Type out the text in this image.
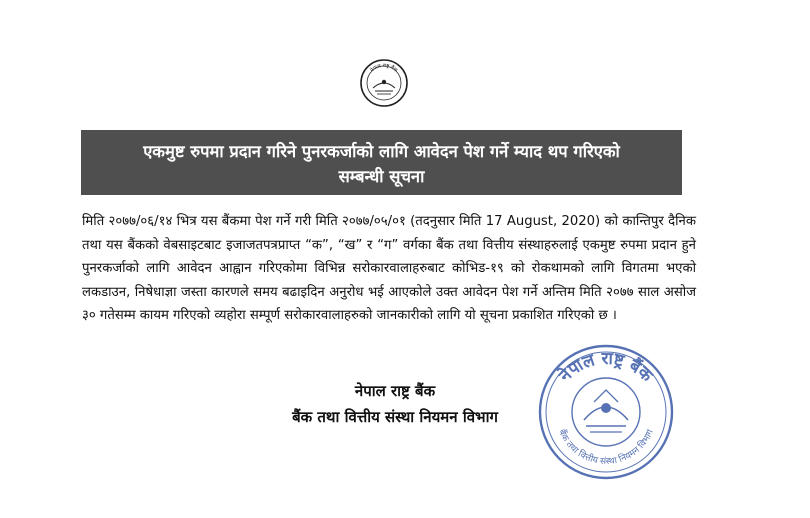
नेपाल राष्ट्र बैंक
एकमुष्ट रुपमा प्रदान गरिने पुनरकर्जाको लागि आवेदन पेश गर्ने म्याद थप गरिएको
सम्बन्धी सूचना

मिति २०७७/०६/१४ भित्र यस बैंकमा पेश गर्ने गरी मिति २०७७/०५/०१ (तदनुसार मिति 17 August, 2020) को कान्तिपुर दैनिक तथा यस बैंकको वेबसाइटबाट इजाजतपत्रप्राप्त “क”, “ख” र “ग” वर्गका बैंक तथा वित्तीय संस्थाहरुलाई एकमुष्ट रुपमा प्रदान हुने पुनरकर्जाको लागि आवेदन आह्वान गरिएकोमा विभिन्न सरोकारवालाहरुबाट कोभिड-१९ को रोकथामको लागि विगतमा भएको लकडाउन, निषेधाज्ञा जस्ता कारणले समय बढाइदिन अनुरोध भई आएकोले उक्त आवेदन पेश गर्ने अन्तिम मिति २०७७ साल असोज ३० गतेसम्म कायम गरिएको व्यहोरा सम्पूर्ण सरोकारवालाहरुको जानकारीको लागि यो सूचना प्रकाशित गरिएको छ ।

नेपाल राष्ट्र बैंक
बैंक तथा वित्तीय संस्था नियमन विभाग
नेपाल राष्ट्र बैंक
बैंक तथा वित्तीय संस्था नियमन विभाग
